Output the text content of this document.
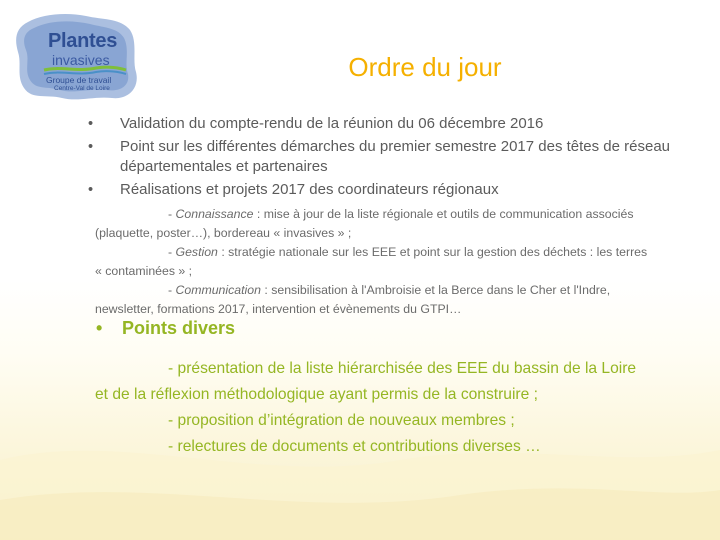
Plantes
invasives
Groupe de travail
Centre-Val de Loire
Ordre du jour
• Validation du compte-rendu de la réunion du 06 décembre 2016
• Point sur les différentes démarches du premier semestre 2017 des têtes de réseau départementales et partenaires
• Réalisations et projets 2017 des coordinateurs régionaux
- Connaissance : mise à jour de la liste régionale et outils de communication associés
(plaquette, poster…), bordereau « invasives » ;
- Gestion : stratégie nationale sur les EEE et point sur la gestion des déchets : les terres
« contaminées » ;
- Communication : sensibilisation à l'Ambroisie et la Berce dans le Cher et l'Indre,
newsletter, formations 2017, intervention et évènements du GTPI…
• Points divers
- présentation de la liste hiérarchisée des EEE du bassin de la Loire
et de la réflexion méthodologique ayant permis de la construire ;
- proposition d’intégration de nouveaux membres ;
- relectures de documents et contributions diverses …
